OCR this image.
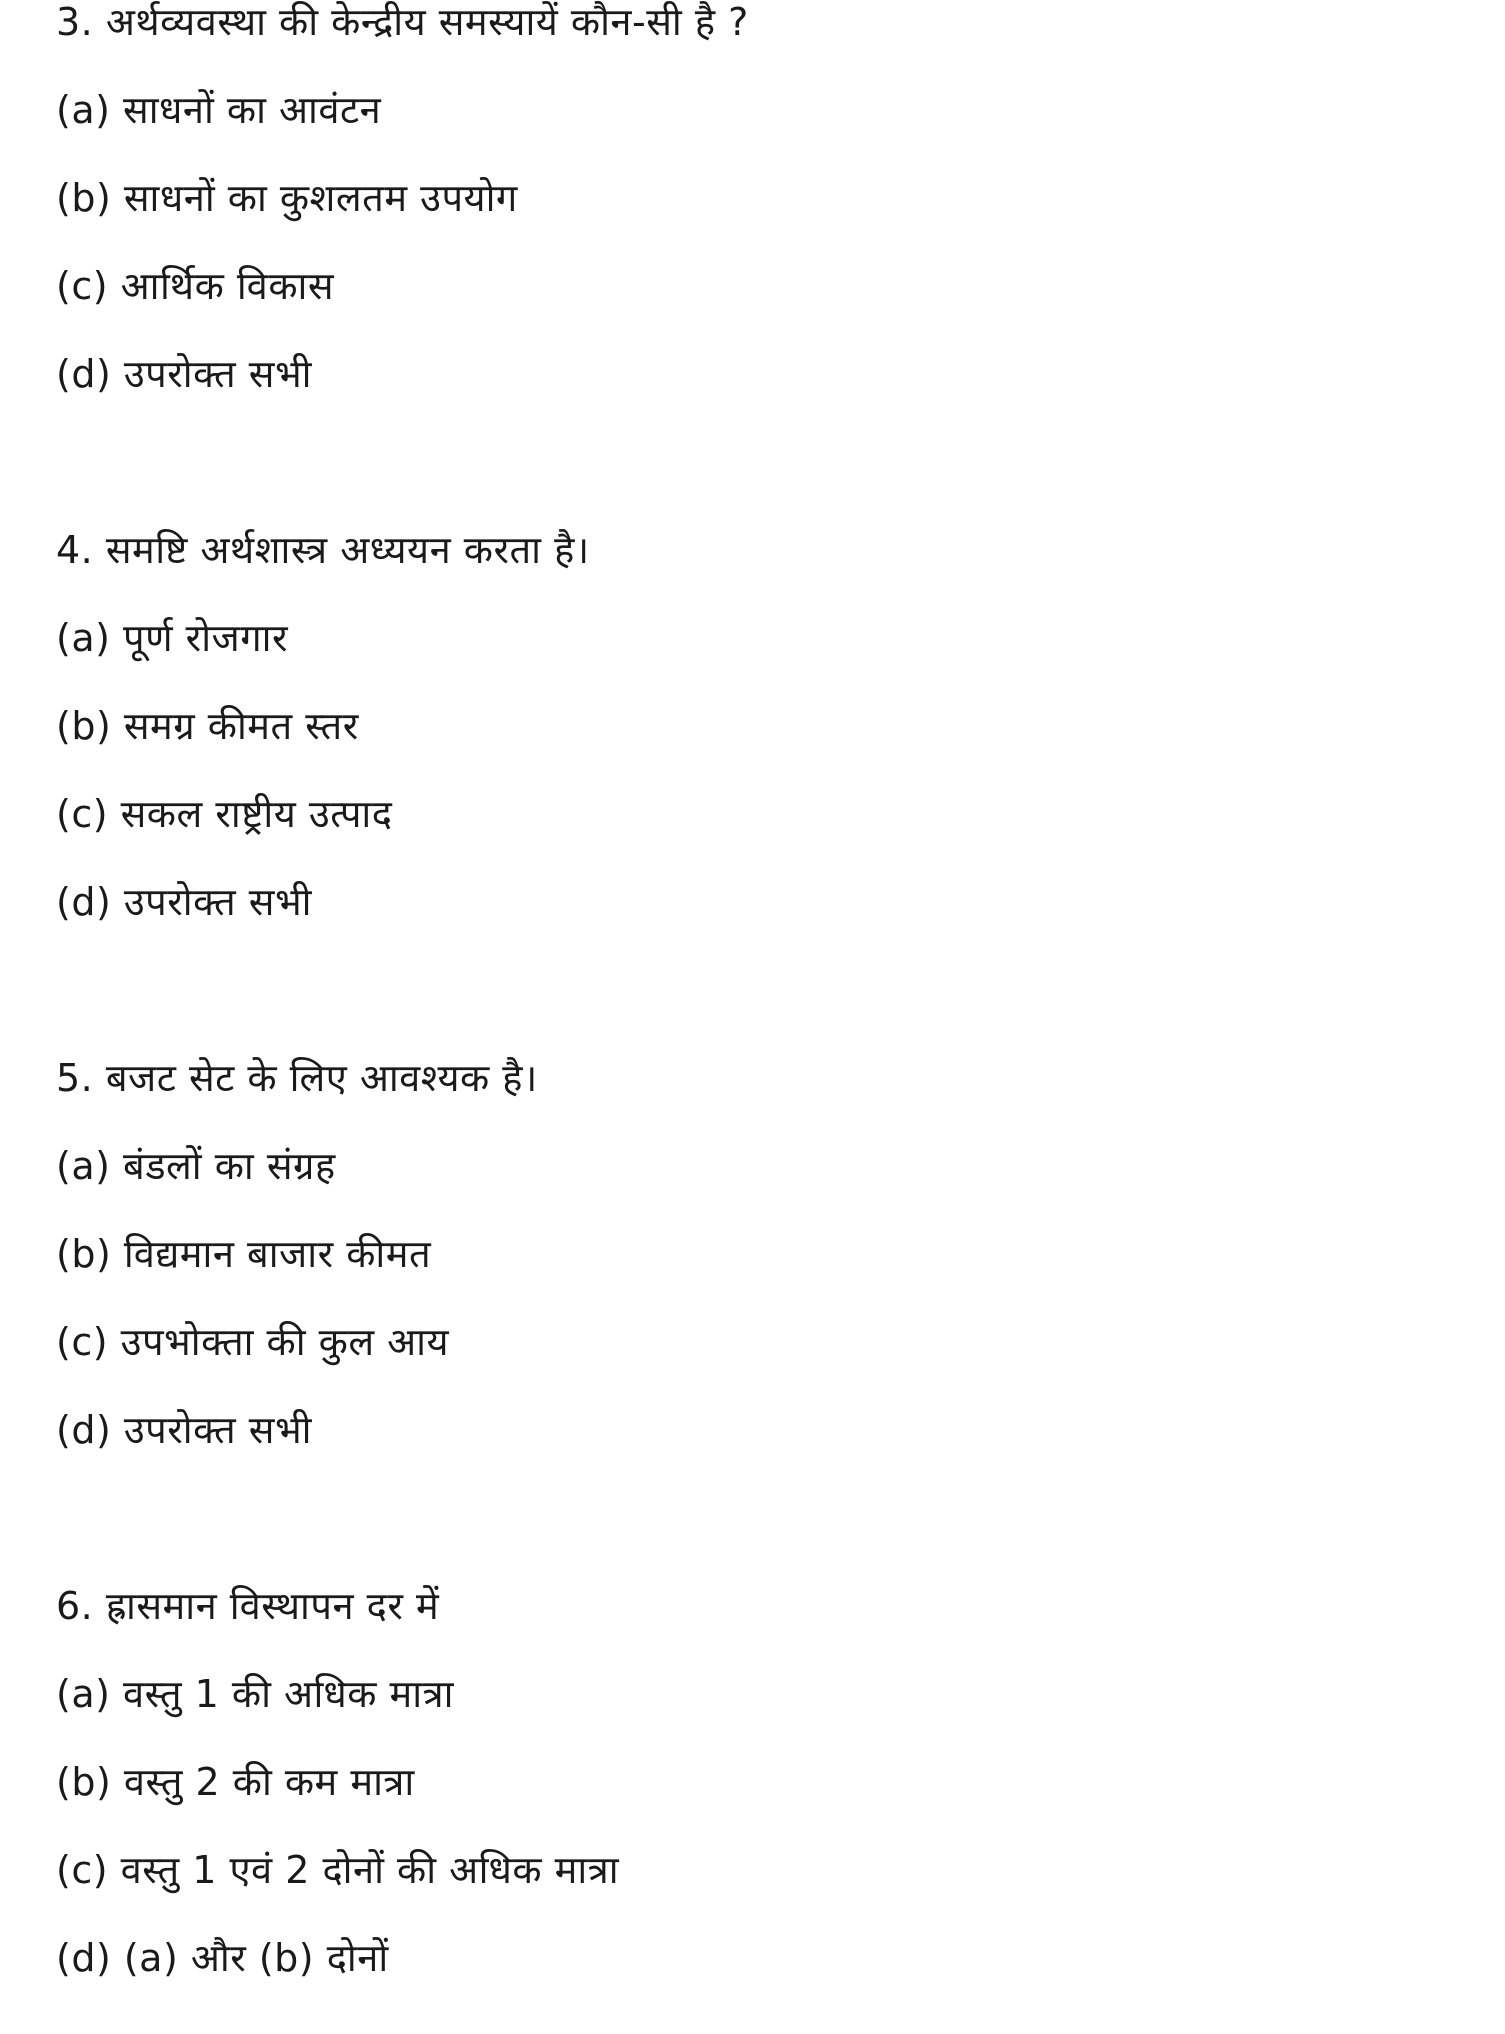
3. अर्थव्यवस्था की केन्द्रीय समस्यायें कौन-सी है ?
(a) साधनों का आवंटन
(b) साधनों का कुशलतम उपयोग
(c) आर्थिक विकास
(d) उपरोक्त सभी
4. समष्टि अर्थशास्त्र अध्ययन करता है।
(a) पूर्ण रोजगार
(b) समग्र कीमत स्तर
(c) सकल राष्ट्रीय उत्पाद
(d) उपरोक्त सभी
5. बजट सेट के लिए आवश्यक है।
(a) बंडलों का संग्रह
(b) विद्यमान बाजार कीमत
(c) उपभोक्ता की कुल आय
(d) उपरोक्त सभी
6. ह्रासमान विस्थापन दर में
(a) वस्तु 1 की अधिक मात्रा
(b) वस्तु 2 की कम मात्रा
(c) वस्तु 1 एवं 2 दोनों की अधिक मात्रा
(d) (a) और (b) दोनों
